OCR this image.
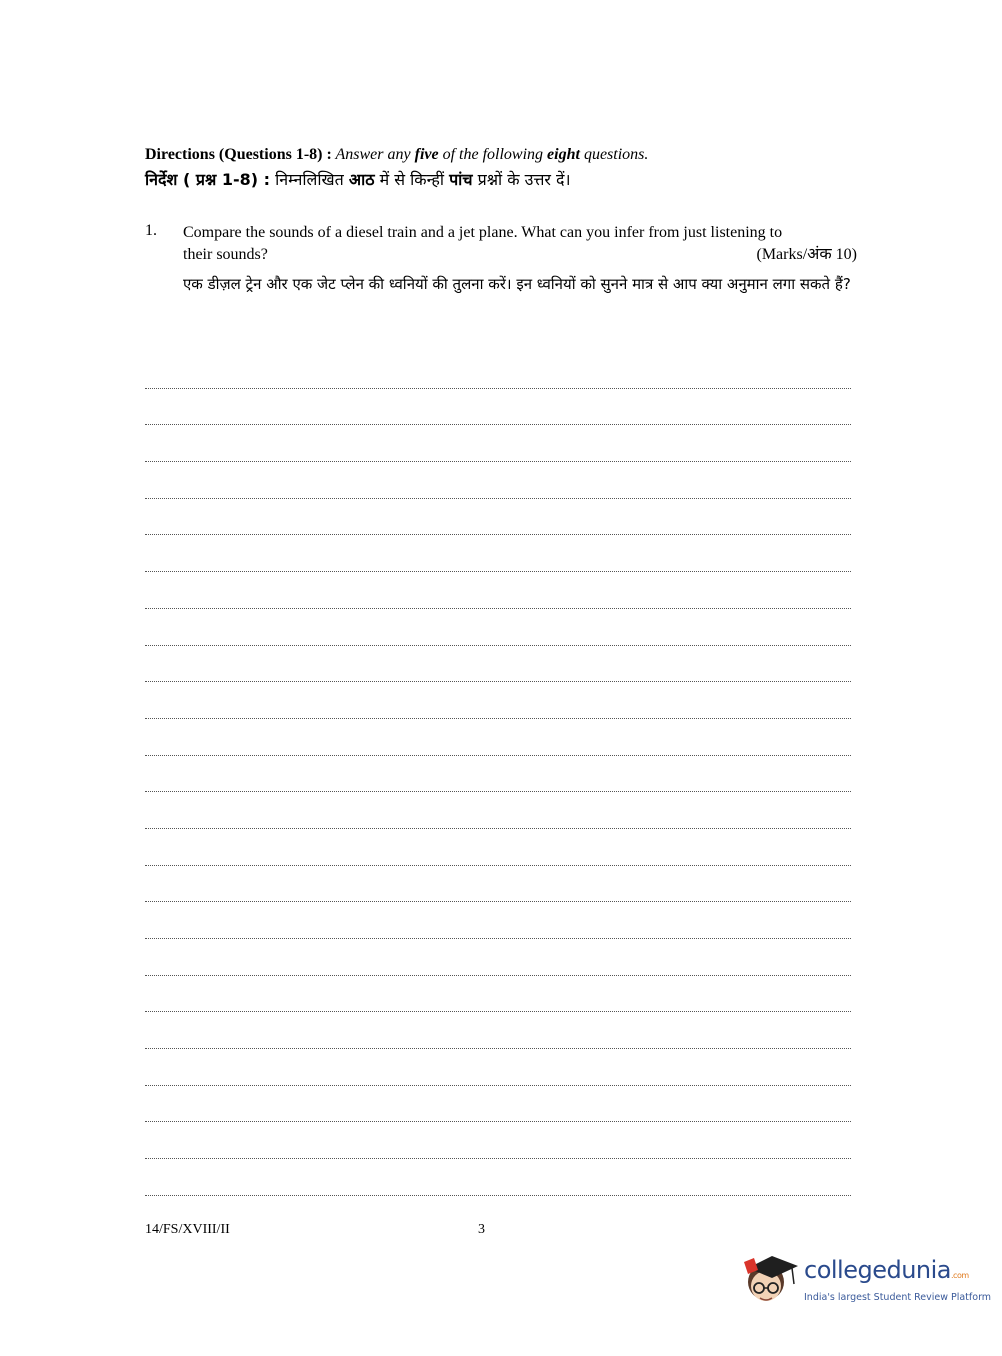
Directions (Questions 1-8) : Answer any five of the following eight questions.
निर्देश ( प्रश्न 1-8) : निम्नलिखित आठ में से किन्हीं पांच प्रश्नों के उत्तर दें।
1. Compare the sounds of a diesel train and a jet plane. What can you infer from just listening to
their sounds?	(Marks/अंक 10)
एक डीज़ल ट्रेन और एक जेट प्लेन की ध्वनियों की तुलना करें। इन ध्वनियों को सुनने मात्र से आप क्या अनुमान लगा सकते हैं?
14/FS/XVIII/II	3
collegedunia.com
India's largest Student Review Platform
